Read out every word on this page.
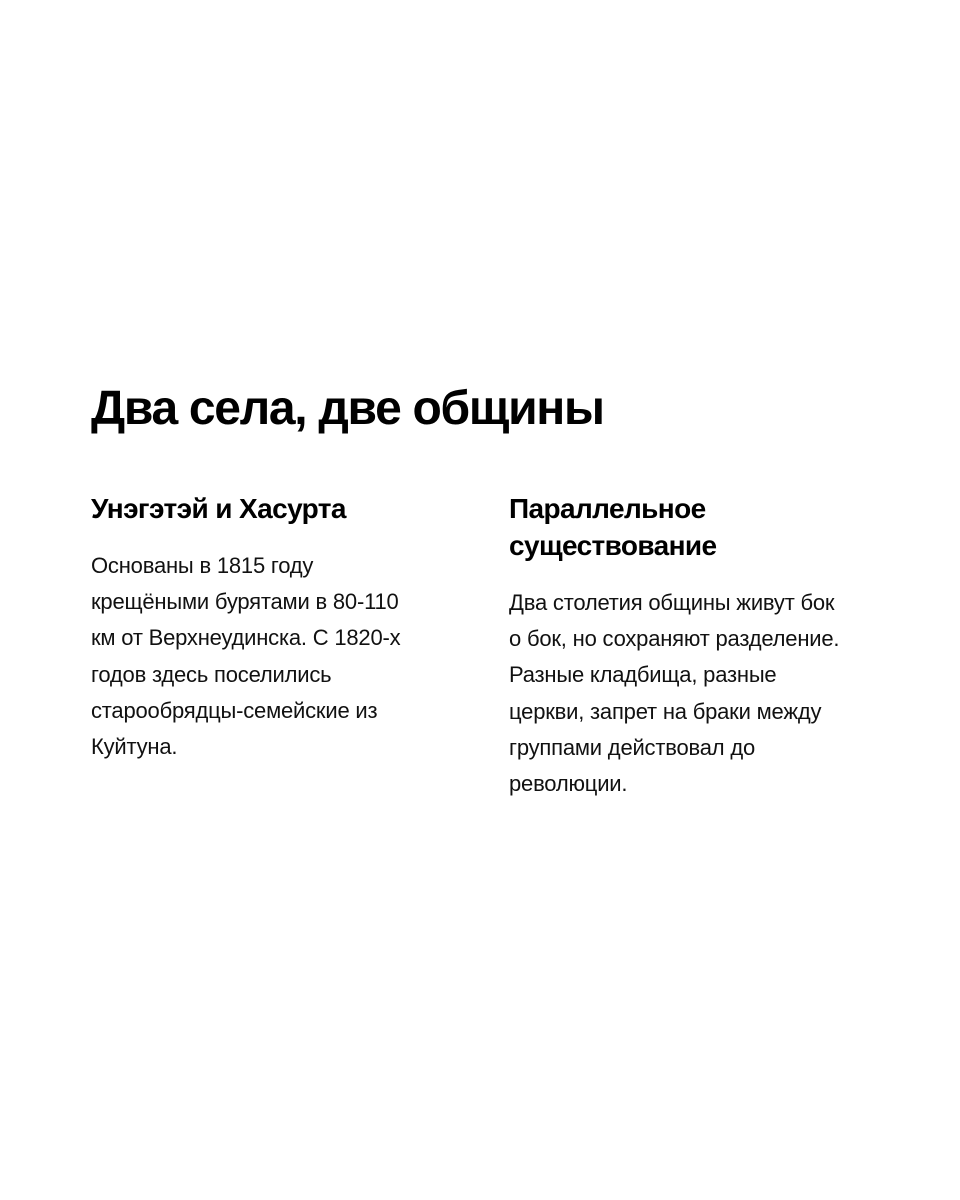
Два села, две общины
Унэгэтэй и Хасурта

Основаны в 1815 году
крещёными бурятами в 80-110
км от Верхнеудинска. С 1820-х
годов здесь поселились
старообрядцы-семейские из
Куйтуна.

Параллельное
существование

Два столетия общины живут бок
о бок, но сохраняют разделение.
Разные кладбища, разные
церкви, запрет на браки между
группами действовал до
революции.
